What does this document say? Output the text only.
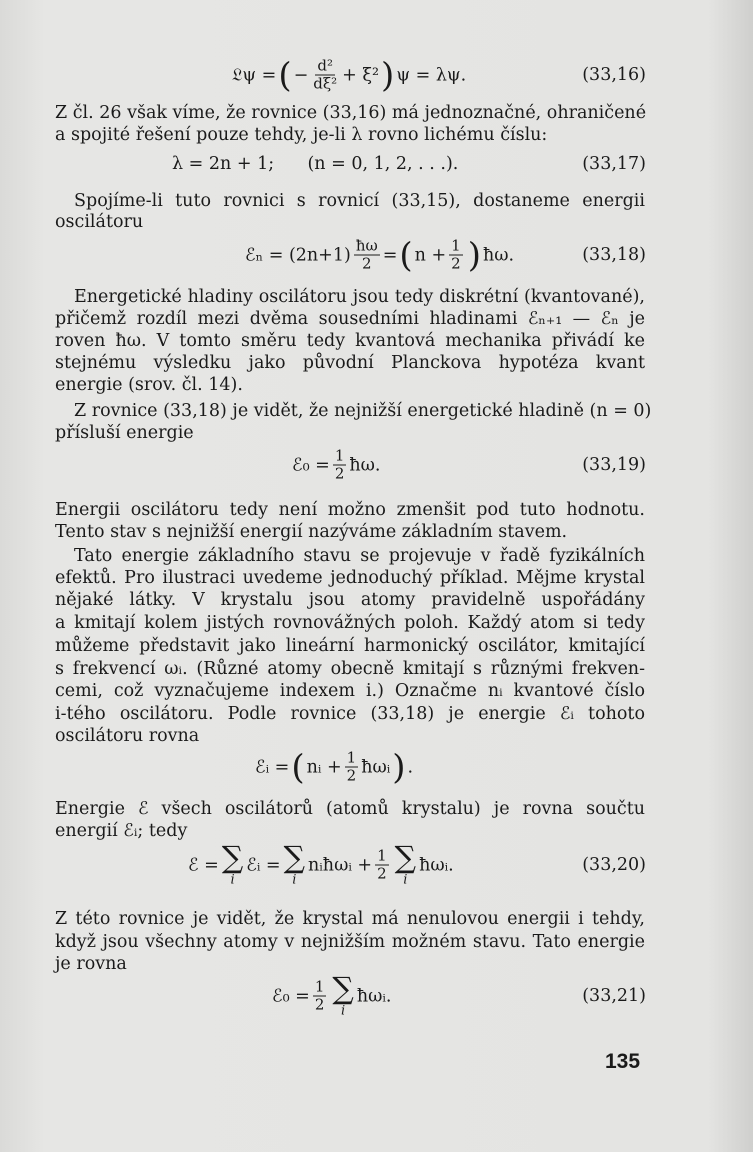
𝔏ψ = ( − $\frac{\text{d²}}{\text{dξ²}} + \xi^2$ ) ψ = λψ.	(33,16)
Z čl. 26 však víme, že rovnice (33,16) má jednoznačné, ohraničené
a spojité řešení pouze tehdy, je-li λ rovno lichému číslu:
λ = 2n + 1;      (n = 0, 1, 2, . . .).	(33,17)
Spojíme-li tuto rovnici s rovnicí (33,15), dostaneme energii
oscilátoru
ℰₙ = $(2n+1) \frac{ħ\omega}{2}$ = ( $n + \frac{1}{2}$ ) ħω.	(33,18)
Energetické hladiny oscilátoru jsou tedy diskrétní (kvantované),
přičemž rozdíl mezi dvěma sousedními hladinami ℰₙ₊₁ — ℰₙ je
roven ħω. V tomto směru tedy kvantová mechanika přivádí ke
stejnému výsledku jako původní Planckova hypotéza kvant
energie (srov. čl. 14).
Z rovnice (33,18) je vidět, že nejnižší energetické hladině (n = 0)
přísluší energie
ℰ₀ = $\frac{1}{2}$ ħω.	(33,19)
Energii oscilátoru tedy není možno zmenšit pod tuto hodnotu.
Tento stav s nejnižší energií nazýváme základním stavem.
Tato energie základního stavu se projevuje v řadě fyzikálních
efektů. Pro ilustraci uvedeme jednoduchý příklad. Mějme krystal
nějaké látky. V krystalu jsou atomy pravidelně uspořádány
a kmitají kolem jistých rovnovážných poloh. Každý atom si tedy
můžeme představit jako lineární harmonický oscilátor, kmitající
s frekvencí ωᵢ. (Různé atomy obecně kmitají s různými frekven-
cemi, což vyznačujeme indexem i.) Označme nᵢ kvantové číslo
i-tého oscilátoru. Podle rovnice (33,18) je energie ℰᵢ tohoto
oscilátoru rovna
ℰᵢ = ( nᵢ + $\frac{1}{2}$ ħωᵢ ) .
Energie ℰ všech oscilátorů (atomů krystalu) je rovna součtu
energií ℰᵢ; tedy
ℰ = ∑
i
ℰᵢ = ∑
i
nᵢħωᵢ + $\frac{1}{2}$ ∑
i
ħωᵢ.	(33,20)
Z této rovnice je vidět, že krystal má nenulovou energii i tehdy,
když jsou všechny atomy v nejnižším možném stavu. Tato energie
je rovna
ℰ₀ = $\frac{1}{2}$ ∑
i
ħωᵢ.	(33,21)
135
